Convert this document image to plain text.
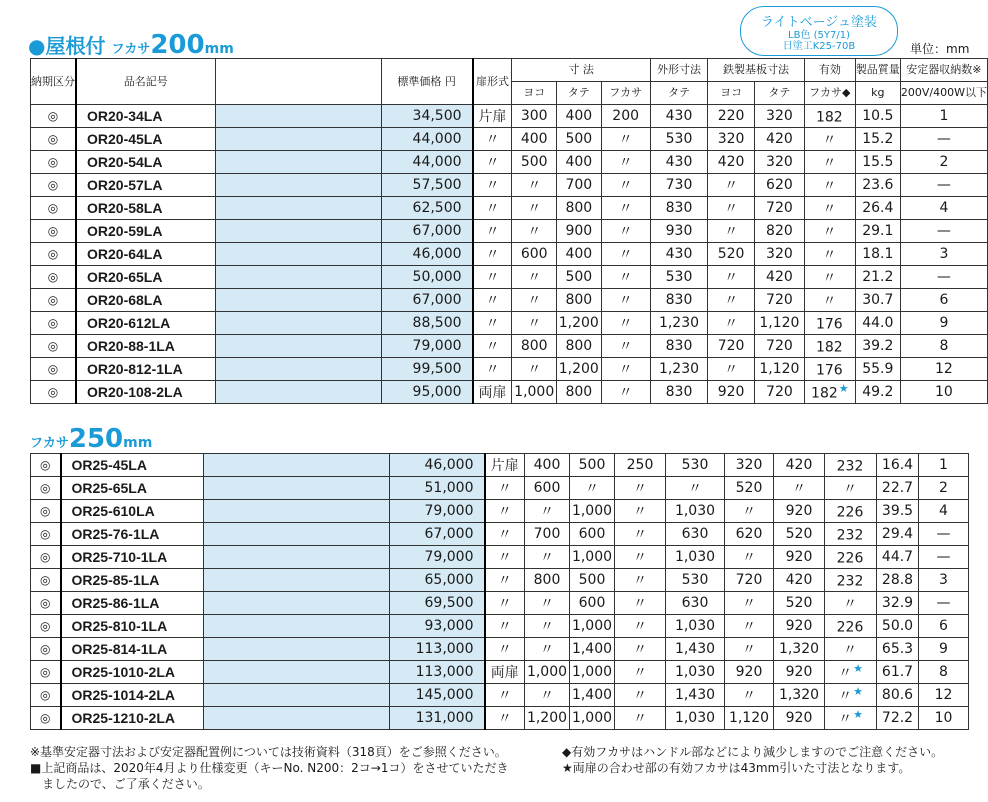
●屋根付 フカサ200mm
ライトベージュ塗装
LB色 (5Y7/1)
日塗工K25-70B	単位：mm
納期区分	品名記号		標準価格 円	扉形式	寸 法			外形寸法	鉄製基板寸法		有効	製品質量	安定器収納数※
					ヨコ	タテ	フカサ	タテ	ヨコ	タテ	フカサ◆	kg	200V/400W以下
◎	OR20-34LA		34,500	片扉	300	400	200	430	220	320	182	10.5	1
◎	OR20-45LA		44,000	〃	400	500	〃	530	320	420	〃	15.2	—
◎	OR20-54LA		44,000	〃	500	400	〃	430	420	320	〃	15.5	2
◎	OR20-57LA		57,500	〃	〃	700	〃	730	〃	620	〃	23.6	—
◎	OR20-58LA		62,500	〃	〃	800	〃	830	〃	720	〃	26.4	4
◎	OR20-59LA		67,000	〃	〃	900	〃	930	〃	820	〃	29.1	—
◎	OR20-64LA		46,000	〃	600	400	〃	430	520	320	〃	18.1	3
◎	OR20-65LA		50,000	〃	〃	500	〃	530	〃	420	〃	21.2	—
◎	OR20-68LA		67,000	〃	〃	800	〃	830	〃	720	〃	30.7	6
◎	OR20-612LA		88,500	〃	〃	1,200	〃	1,230	〃	1,120	176	44.0	9
◎	OR20-88-1LA		79,000	〃	800	800	〃	830	720	720	182	39.2	8
◎	OR20-812-1LA		99,500	〃	〃	1,200	〃	1,230	〃	1,120	176	55.9	12
◎	OR20-108-2LA		95,000	両扉	1,000	800	〃	830	920	720	182★	49.2	10
フカサ250mm
◎	OR25-45LA		46,000	片扉	400	500	250	530	320	420	232	16.4	1
◎	OR25-65LA		51,000	〃	600	〃	〃	〃	520	〃	〃	22.7	2
◎	OR25-610LA		79,000	〃	〃	1,000	〃	1,030	〃	920	226	39.5	4
◎	OR25-76-1LA		67,000	〃	700	600	〃	630	620	520	232	29.4	—
◎	OR25-710-1LA		79,000	〃	〃	1,000	〃	1,030	〃	920	226	44.7	—
◎	OR25-85-1LA		65,000	〃	800	500	〃	530	720	420	232	28.8	3
◎	OR25-86-1LA		69,500	〃	〃	600	〃	630	〃	520	〃	32.9	—
◎	OR25-810-1LA		93,000	〃	〃	1,000	〃	1,030	〃	920	226	50.0	6
◎	OR25-814-1LA		113,000	〃	〃	1,400	〃	1,430	〃	1,320	〃	65.3	9
◎	OR25-1010-2LA		113,000	両扉	1,000	1,000	〃	1,030	920	920	〃★	61.7	8
◎	OR25-1014-2LA		145,000	〃	〃	1,400	〃	1,430	〃	1,320	〃★	80.6	12
◎	OR25-1210-2LA		131,000	〃	1,200	1,000	〃	1,030	1,120	920	〃★	72.2	10
※基準安定器寸法および安定器配置例については技術資料（318頁）をご参照ください。
■上記商品は、2020年4月より仕様変更（キーNo. N200：2コ→1コ）をさせていただき
ましたので、ご了承ください。
◆有効フカサはハンドル部などにより減少しますのでご注意ください。
★両扉の合わせ部の有効フカサは43mm引いた寸法となります。
